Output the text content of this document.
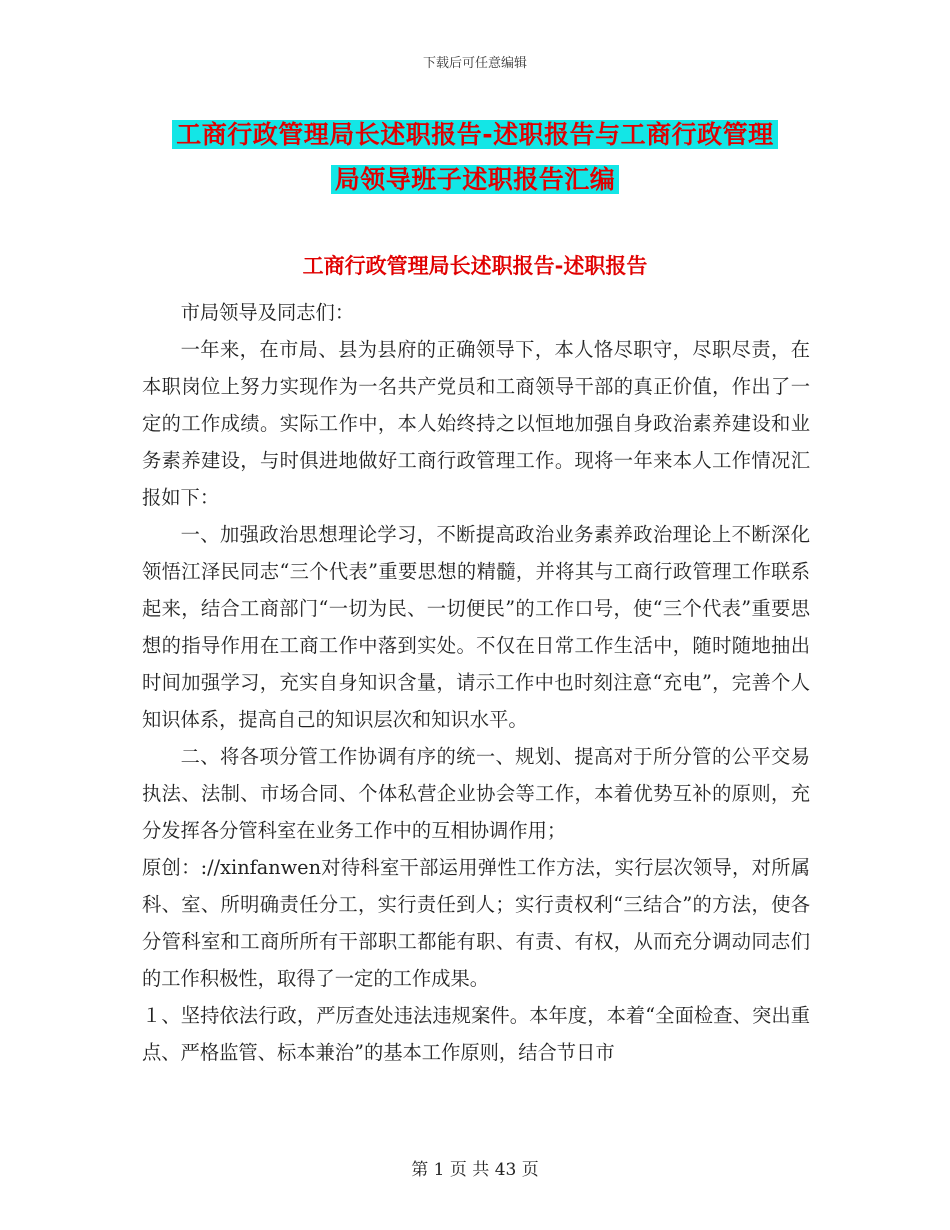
下载后可任意编辑
工商行政管理局长述职报告-述职报告与工商行政管理
局领导班子述职报告汇编
工商行政管理局长述职报告-述职报告

市局领导及同志们：

一年来，在市局、县为县府的正确领导下，本人恪尽职守，尽职尽责，在本职岗位上努力实现作为一名共产党员和工商领导干部的真正价值，作出了一定的工作成绩。实际工作中，本人始终持之以恒地加强自身政治素养建设和业务素养建设，与时俱进地做好工商行政管理工作。现将一年来本人工作情况汇报如下：

一、加强政治思想理论学习，不断提高政治业务素养政治理论上不断深化领悟江泽民同志“三个代表”重要思想的精髓，并将其与工商行政管理工作联系起来，结合工商部门“一切为民、一切便民”的工作口号，使“三个代表”重要思想的指导作用在工商工作中落到实处。不仅在日常工作生活中，随时随地抽出时间加强学习，充实自身知识含量，请示工作中也时刻注意“充电”，完善个人知识体系，提高自己的知识层次和知识水平。

二、将各项分管工作协调有序的统一、规划、提高对于所分管的公平交易执法、法制、市场合同、个体私营企业协会等工作，本着优势互补的原则，充分发挥各分管科室在业务工作中的互相协调作用；

原创：://xinfanwen对待科室干部运用弹性工作方法，实行层次领导，对所属科、室、所明确责任分工，实行责任到人；实行责权利“三结合”的方法，使各分管科室和工商所所有干部职工都能有职、有责、有权，从而充分调动同志们的工作积极性，取得了一定的工作成果。

１、坚持依法行政，严厉查处违法违规案件。本年度，本着“全面检查、突出重点、严格监管、标本兼治”的基本工作原则，结合节日市

第 1 页 共 43 页
